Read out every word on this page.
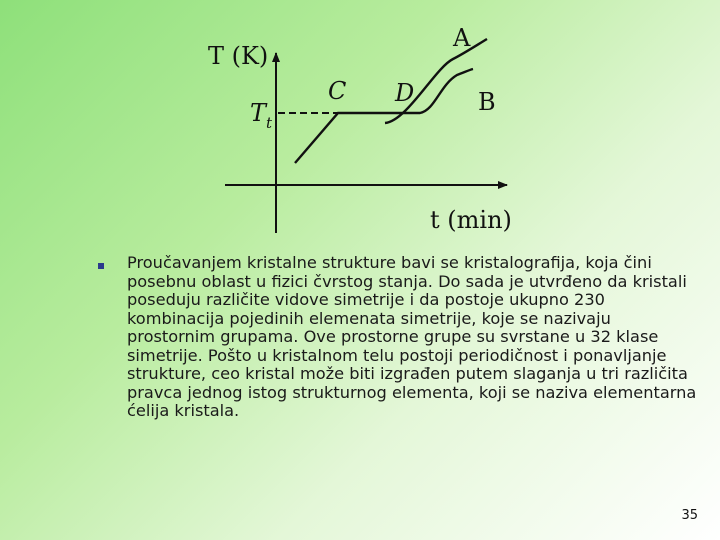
T (K)
t (min)
$T_t$
A
B
C D

Proučavanjem kristalne strukture bavi se kristalografija, koja čini posebnu oblast u fizici čvrstog stanja. Do sada je utvrđeno da kristali poseduju različite vidove simetrije i da postoje ukupno 230 kombinacija pojedinih elemenata simetrije, koje se nazivaju prostornim grupama. Ove prostorne grupe su svrstane u 32 klase simetrije. Pošto u kristalnom telu postoji periodičnost i ponavljanje strukture, ceo kristal može biti izgrađen putem slaganja u tri različita pravca jednog istog strukturnog elementa, koji se naziva elementarna ćelija kristala.

35
